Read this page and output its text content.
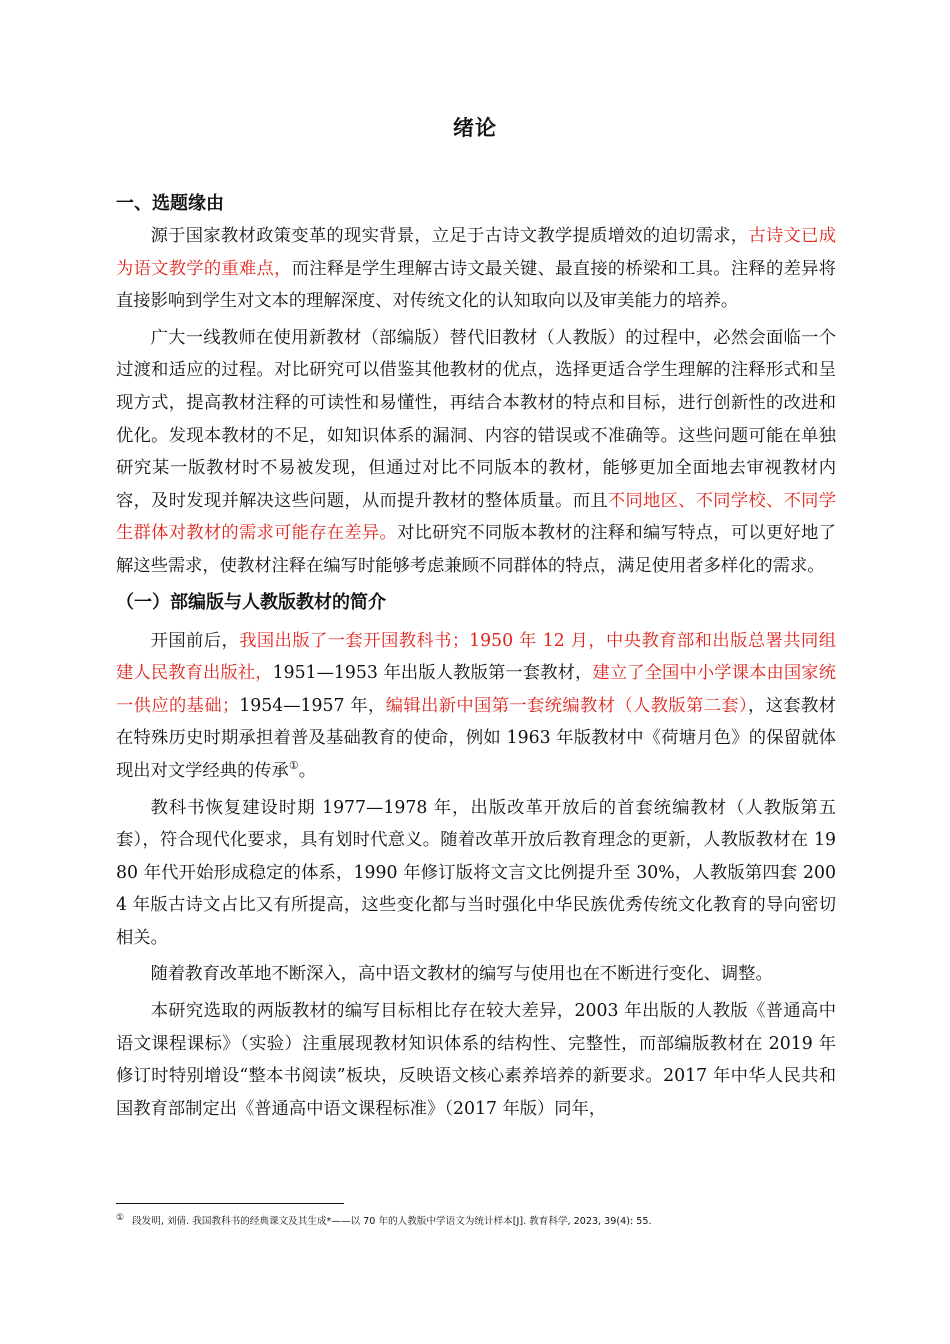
绪论
一、选题缘由

源于国家教材政策变革的现实背景，立足于古诗文教学提质增效的迫切需求，古诗文已成为语文教学的重难点，而注释是学生理解古诗文最关键、最直接的桥梁和工具。注释的差异将直接影响到学生对文本的理解深度、对传统文化的认知取向以及审美能力的培养。

广大一线教师在使用新教材（部编版）替代旧教材（人教版）的过程中，必然会面临一个过渡和适应的过程。对比研究可以借鉴其他教材的优点，选择更适合学生理解的注释形式和呈现方式，提高教材注释的可读性和易懂性，再结合本教材的特点和目标，进行创新性的改进和优化。发现本教材的不足，如知识体系的漏洞、内容的错误或不准确等。这些问题可能在单独研究某一版教材时不易被发现，但通过对比不同版本的教材，能够更加全面地去审视教材内容，及时发现并解决这些问题，从而提升教材的整体质量。而且不同地区、不同学校、不同学生群体对教材的需求可能存在差异。对比研究不同版本教材的注释和编写特点，可以更好地了解这些需求，使教材注释在编写时能够考虑兼顾不同群体的特点，满足使用者多样化的需求。

（一）部编版与人教版教材的简介

开国前后，我国出版了一套开国教科书；1950 年 12 月，中央教育部和出版总署共同组建人民教育出版社，1951—1953 年出版人教版第一套教材，建立了全国中小学课本由国家统一供应的基础；1954—1957 年，编辑出新中国第一套统编教材（人教版第二套），这套教材在特殊历史时期承担着普及基础教育的使命，例如 1963 年版教材中《荷塘月色》的保留就体现出对文学经典的传承①。

教科书恢复建设时期 1977—1978 年，出版改革开放后的首套统编教材（人教版第五套），符合现代化要求，具有划时代意义。随着改革开放后教育理念的更新，人教版教材在 1980 年代开始形成稳定的体系，1990 年修订版将文言文比例提升至 30%，人教版第四套 2004 年版古诗文占比又有所提高，这些变化都与当时强化中华民族优秀传统文化教育的导向密切相关。

随着教育改革地不断深入，高中语文教材的编写与使用也在不断进行变化、调整。

本研究选取的两版教材的编写目标相比存在较大差异，2003 年出版的人教版《普通高中语文课程课标》（实验）注重展现教材知识体系的结构性、完整性，而部编版教材在 2019 年修订时特别增设“整本书阅读”板块，反映语文核心素养培养的新要求。2017 年中华人民共和国教育部制定出《普通高中语文课程标准》（2017 年版）同年，

① 段发明, 刘倩. 我国教科书的经典课文及其生成*——以 70 年的人教版中学语文为统计样本[J]. 教育科学, 2023, 39(4): 55.
